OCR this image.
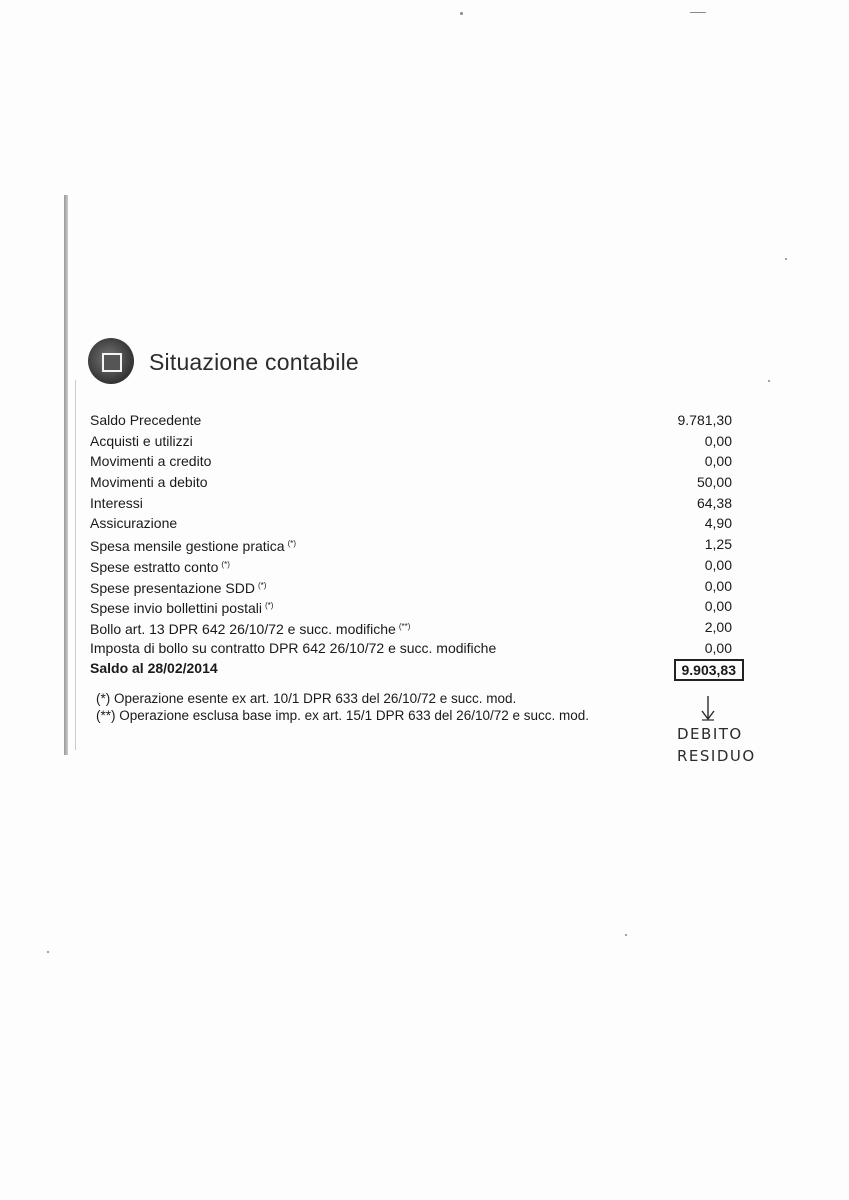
Situazione contabile
Saldo Precedente	9.781,30
Acquisti e utilizzi	0,00
Movimenti a credito	0,00
Movimenti a debito	50,00
Interessi	64,38
Assicurazione	4,90
Spesa mensile gestione pratica (*)	1,25
Spese estratto conto (*)	0,00
Spese presentazione SDD (*)	0,00
Spese invio bollettini postali (*)	0,00
Bollo art. 13 DPR 642 26/10/72 e succ. modifiche (**)	2,00
Imposta di bollo su contratto DPR 642 26/10/72 e succ. modifiche	0,00
Saldo al 28/02/2014	9.903,83
(*) Operazione esente ex art. 10/1 DPR 633 del 26/10/72 e succ. mod.
(**) Operazione esclusa base imp. ex art. 15/1 DPR 633 del 26/10/72 e succ. mod.
DEBITO
RESIDUO
